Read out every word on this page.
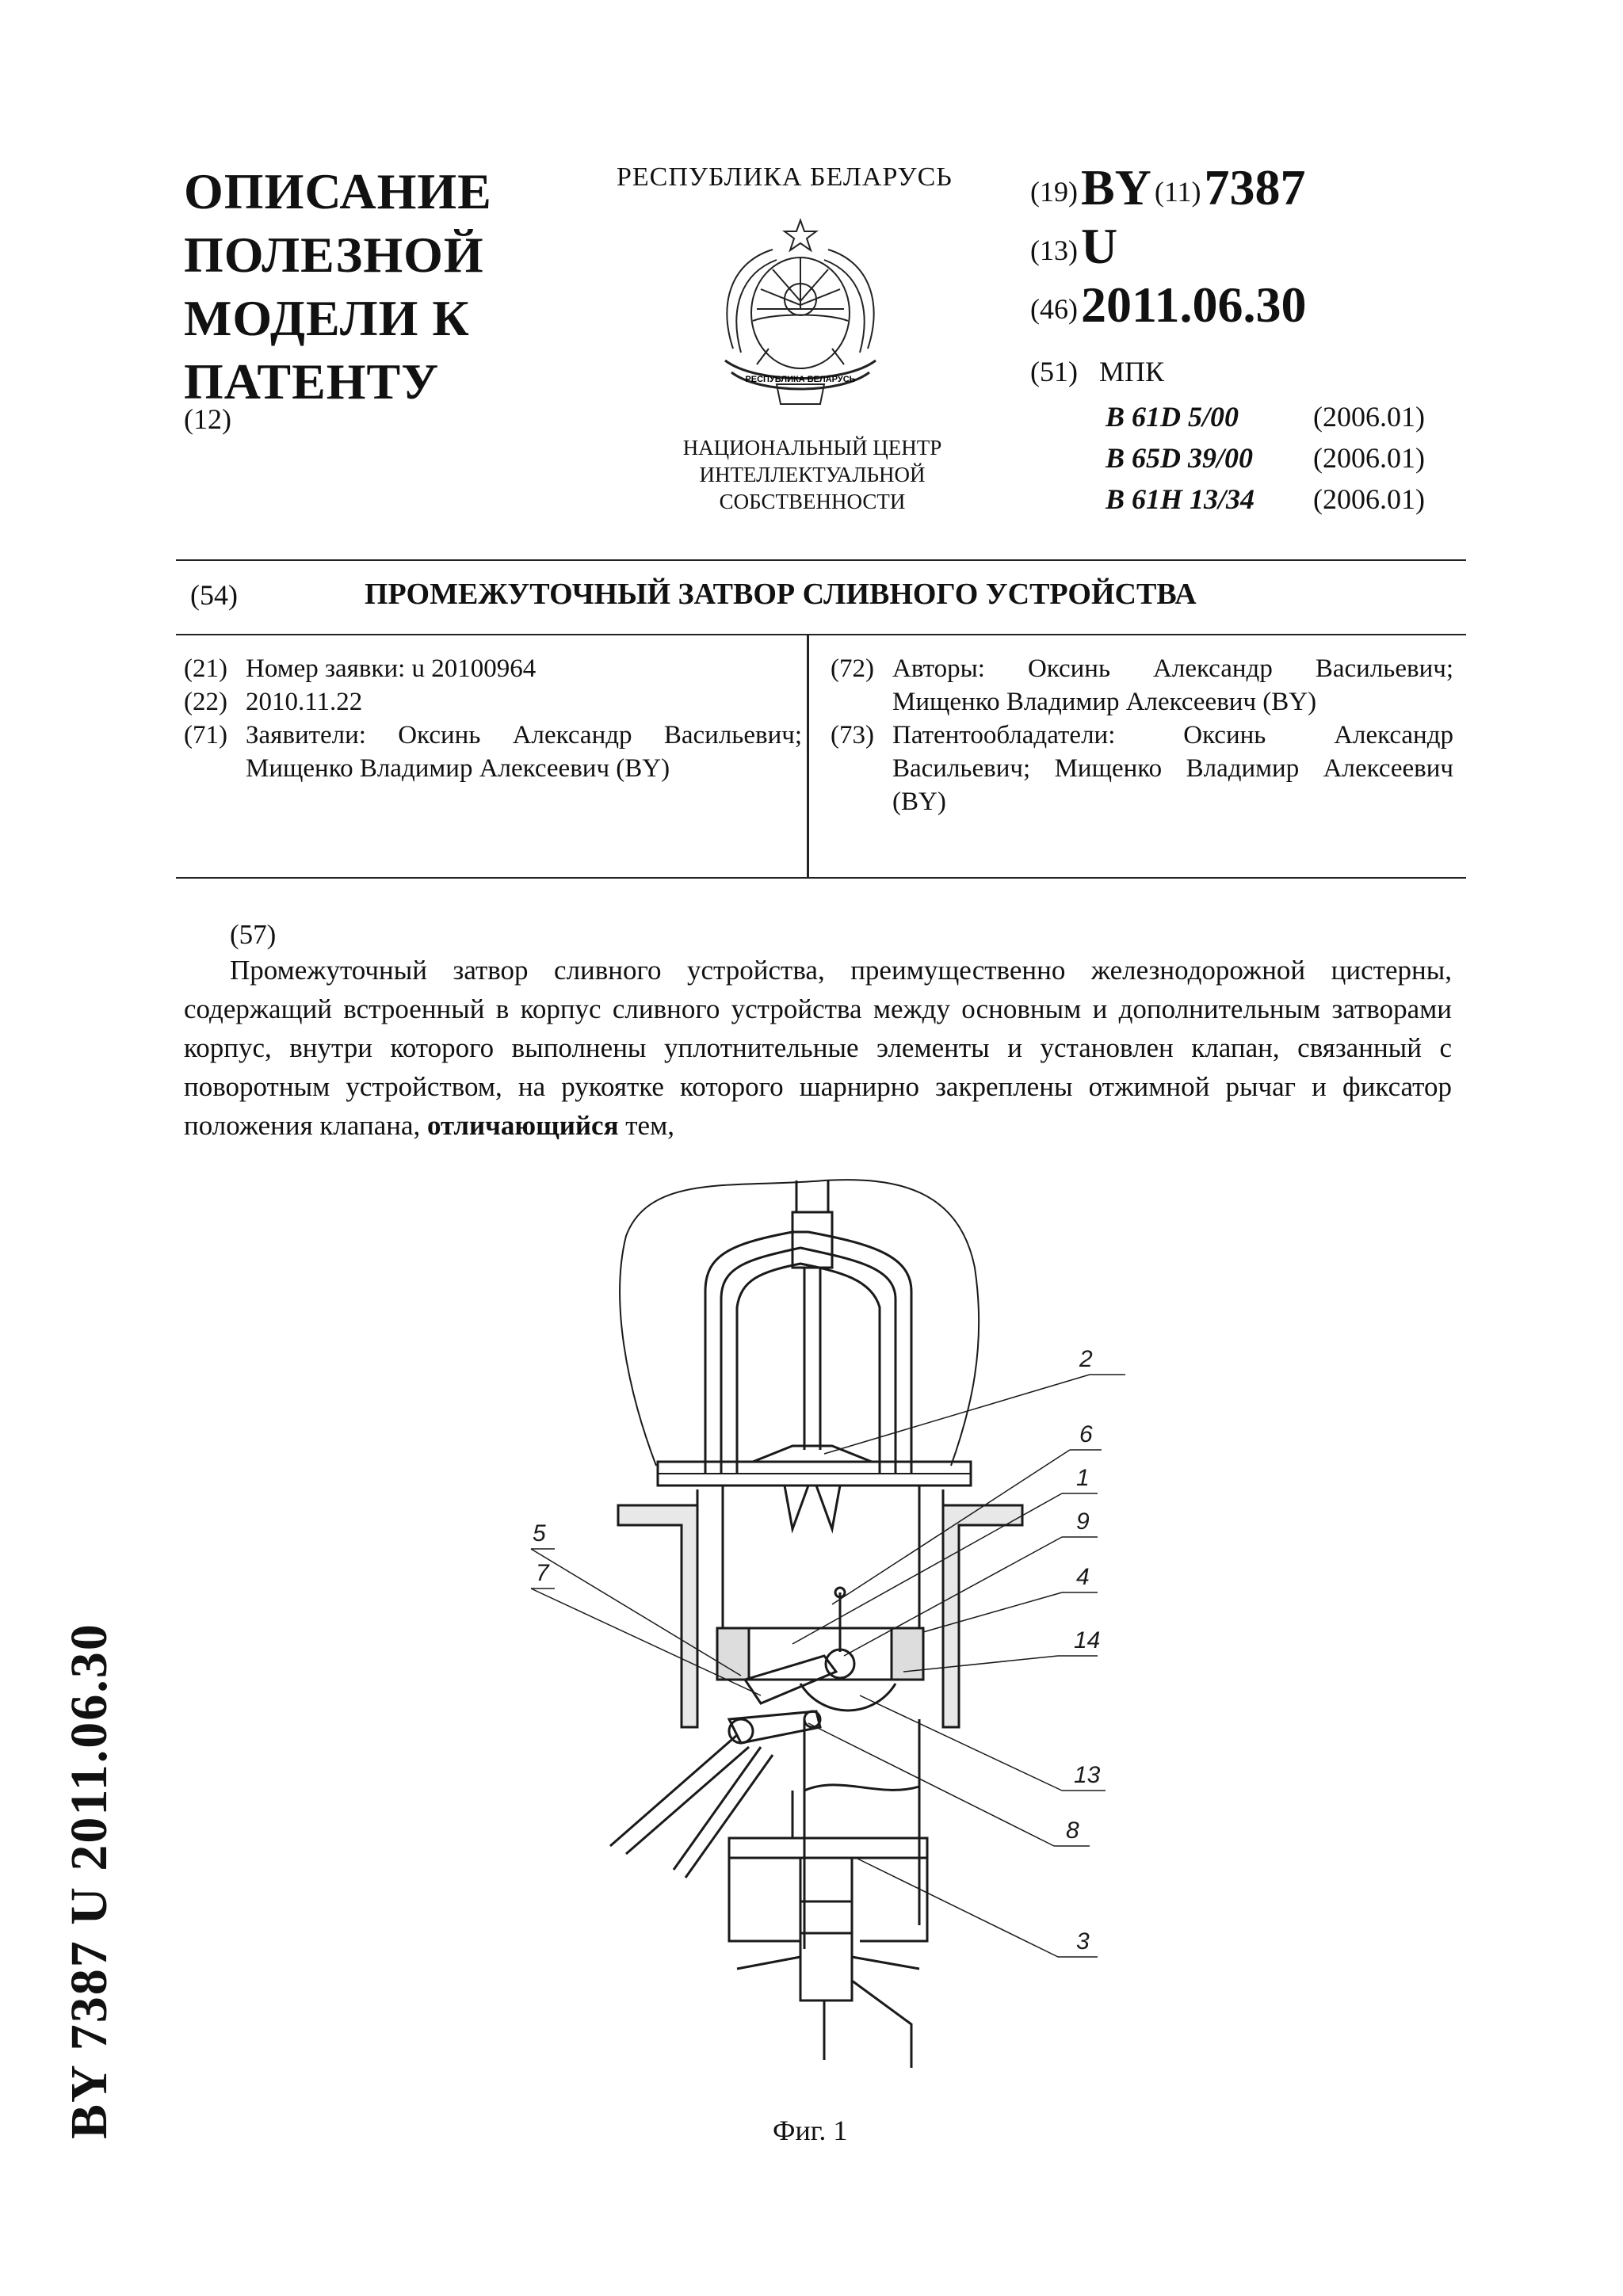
ОПИСАНИЕ
ПОЛЕЗНОЙ
МОДЕЛИ К
ПАТЕНТУ
(12)
РЕСПУБЛИКА БЕЛАРУСЬ
РЕСПУБЛИКА БЕЛАРУСЬ
НАЦИОНАЛЬНЫЙ ЦЕНТР
ИНТЕЛЛЕКТУАЛЬНОЙ
СОБСТВЕННОСТИ
(19) BY (11) 7387
(13) U
(46) 2011.06.30
(51) МПК
B 61D 5/00	(2006.01)
B 65D 39/00 (2006.01)
B 61H 13/34 (2006.01)
(54)	ПРОМЕЖУТОЧНЫЙ ЗАТВОР СЛИВНОГО УСТРОЙСТВА
(21) Номер заявки: u 20100964
(22) 2010.11.22
(71) Заявители: Оксинь Александр Васильевич; Мищенко Владимир Алексеевич (BY)
(72) Авторы: Оксинь Александр Васильевич; Мищенко Владимир Алексеевич (BY)
(73) Патентообладатели: Оксинь Александр Васильевич; Мищенко Владимир Алексеевич (BY)
(57)
Промежуточный затвор сливного устройства, преимущественно железнодорожной цистерны, содержащий встроенный в корпус сливного устройства между основным и дополнительным затворами корпус, внутри которого выполнены уплотнительные элементы и установлен клапан, связанный с поворотным устройством, на рукоятке которого шарнирно закреплены отжимной рычаг и фиксатор положения клапана, отличающийся тем,
2
6
1
9
4
14
5
7
13
8
3
Фиг. 1
BY 7387 U 2011.06.30
